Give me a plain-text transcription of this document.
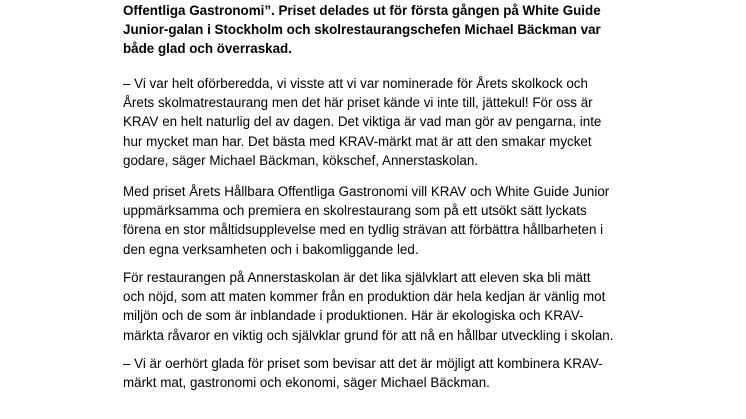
Offentliga Gastronomi”. Priset delades ut för första gången på White Guide
Junior-galan i Stockholm och skolrestaurangschefen Michael Bäckman var
både glad och överraskad.
– Vi var helt oförberedda, vi visste att vi var nominerade för Årets skolkock och
Årets skolmatrestaurang men det här priset kände vi inte till, jättekul! För oss är
KRAV en helt naturlig del av dagen. Det viktiga är vad man gör av pengarna, inte
hur mycket man har. Det bästa med KRAV-märkt mat är att den smakar mycket
godare, säger Michael Bäckman, kökschef, Annerstaskolan.
Med priset Årets Hållbara Offentliga Gastronomi vill KRAV och White Guide Junior
uppmärksamma och premiera en skolrestaurang som på ett utsökt sätt lyckats
förena en stor måltidsupplevelse med en tydlig strävan att förbättra hållbarheten i
den egna verksamheten och i bakomliggande led.
För restaurangen på Annerstaskolan är det lika självklart att eleven ska bli mätt
och nöjd, som att maten kommer från en produktion där hela kedjan är vänlig mot
miljön och de som är inblandade i produktionen. Här är ekologiska och KRAV-
märkta råvaror en viktig och självklar grund för att nå en hållbar utveckling i skolan.
– Vi är oerhört glada för priset som bevisar att det är möjligt att kombinera KRAV-
märkt mat, gastronomi och ekonomi, säger Michael Bäckman.
